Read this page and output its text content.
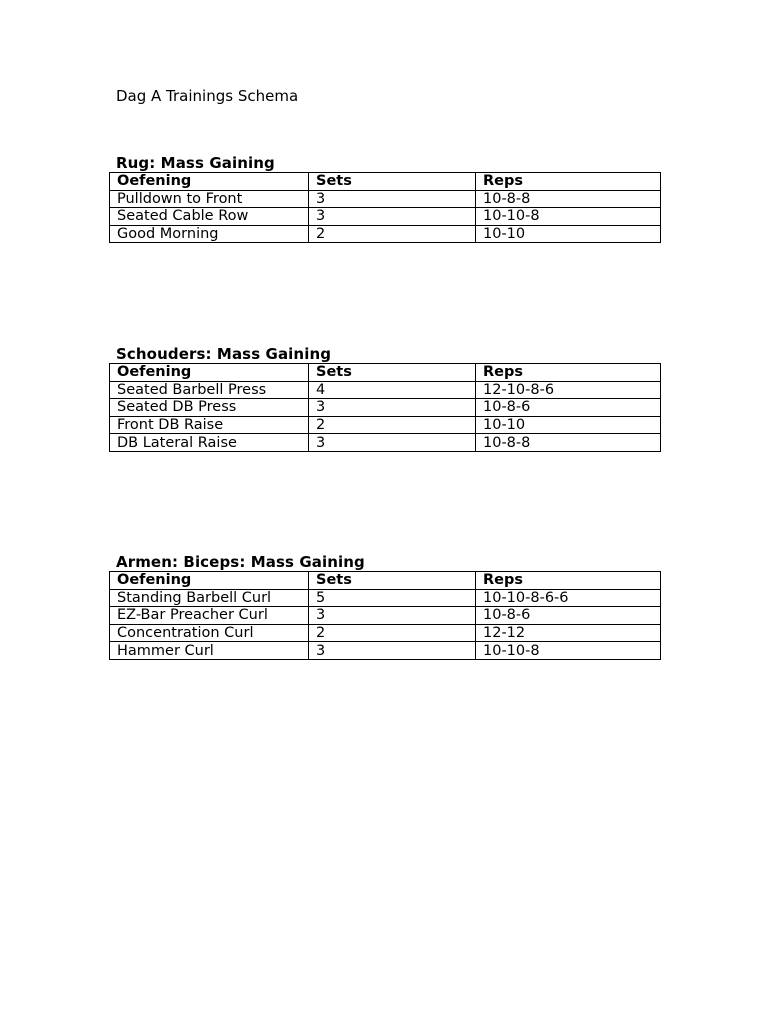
Dag A Trainings Schema
Rug: Mass Gaining
Oefening	Sets	Reps
Pulldown to Front	3	10-8-8
Seated Cable Row	3	10-10-8
Good Morning	2	10-10
Schouders: Mass Gaining
Oefening	Sets	Reps
Seated Barbell Press	4	12-10-8-6
Seated DB Press	3	10-8-6
Front DB Raise	2	10-10
DB Lateral Raise	3	10-8-8
Armen: Biceps: Mass Gaining
Oefening	Sets	Reps
Standing Barbell Curl	5	10-10-8-6-6
EZ-Bar Preacher Curl	3	10-8-6
Concentration Curl	2	12-12
Hammer Curl	3	10-10-8
